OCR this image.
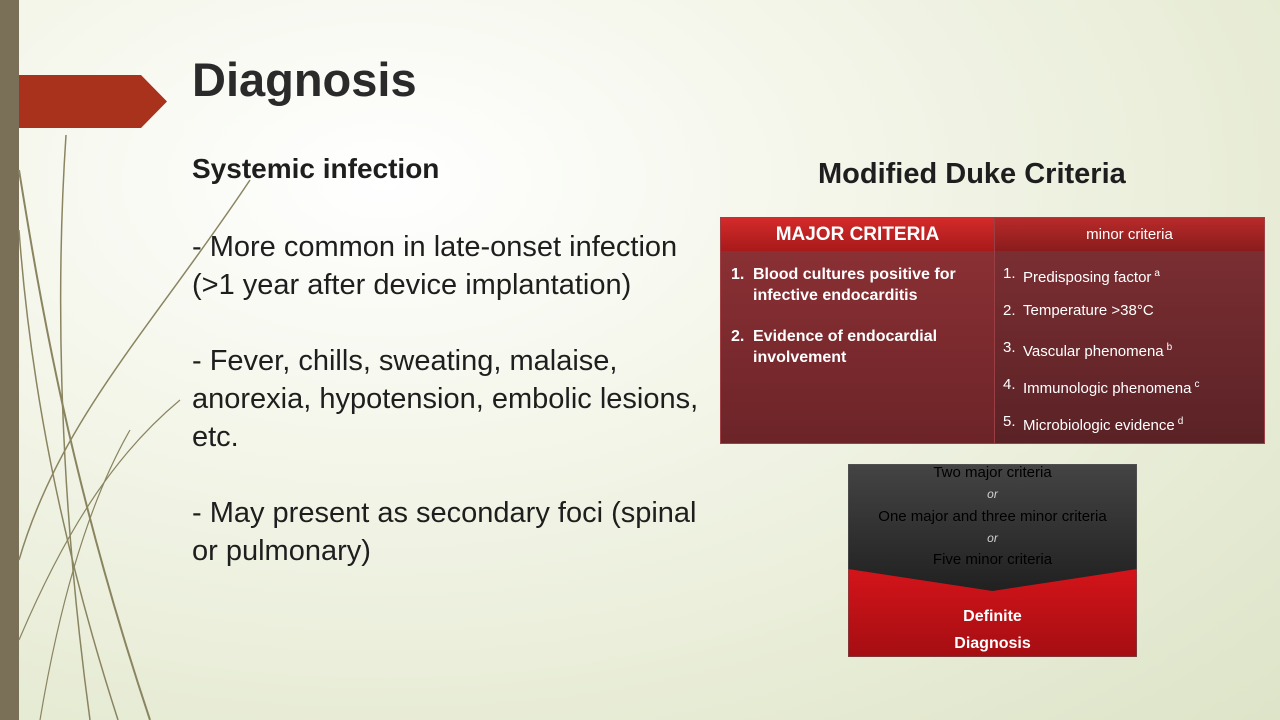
Diagnosis
Systemic infection
- More common in late-onset infection (>1 year after device implantation)
- Fever, chills, sweating, malaise, anorexia, hypotension, embolic lesions, etc.
- May present as secondary foci (spinal or pulmonary)
Modified Duke Criteria
MAJOR CRITERIA	minor criteria
1. Blood cultures positive for infective endocarditis
2. Evidence of endocardial involvement
1. Predisposing factor $^a$
2. Temperature >38°C
3. Vascular phenomena $^b$
4. Immunologic phenomena $^c$
5. Microbiologic evidence $^d$
Two major criteria
or
One major and three minor criteria
or
Five minor criteria
Definite
Diagnosis
